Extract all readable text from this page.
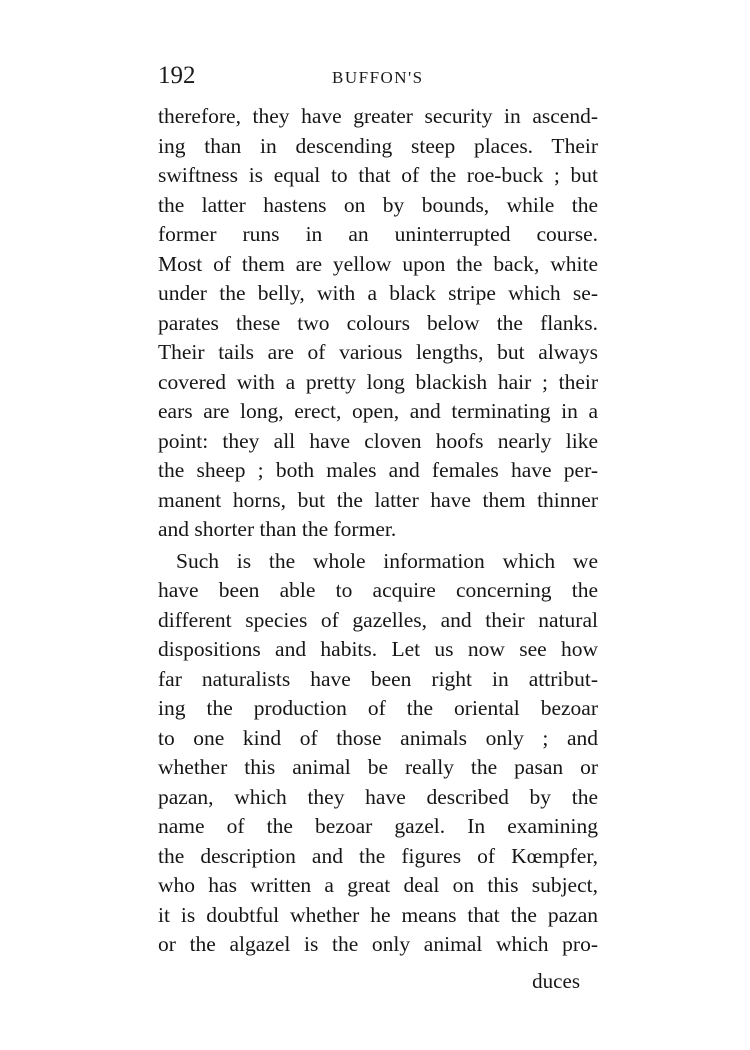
192	BUFFON'S
therefore, they have greater security in ascend-
ing than in descending steep places. Their
swiftness is equal to that of the roe-buck ; but
the latter hastens on by bounds, while the
former runs in an uninterrupted course.
Most of them are yellow upon the back, white
under the belly, with a black stripe which se-
parates these two colours below the flanks.
Their tails are of various lengths, but always
covered with a pretty long blackish hair ; their
ears are long, erect, open, and terminating in a
point: they all have cloven hoofs nearly like
the sheep ; both males and females have per-
manent horns, but the latter have them thinner
and shorter than the former.
Such is the whole information which we
have been able to acquire concerning the
different species of gazelles, and their natural
dispositions and habits. Let us now see how
far naturalists have been right in attribut-
ing the production of the oriental bezoar
to one kind of those animals only ; and
whether this animal be really the pasan or
pazan, which they have described by the
name of the bezoar gazel. In examining
the description and the figures of Kœmpfer,
who has written a great deal on this subject,
it is doubtful whether he means that the pazan
or the algazel is the only animal which pro-
duces
